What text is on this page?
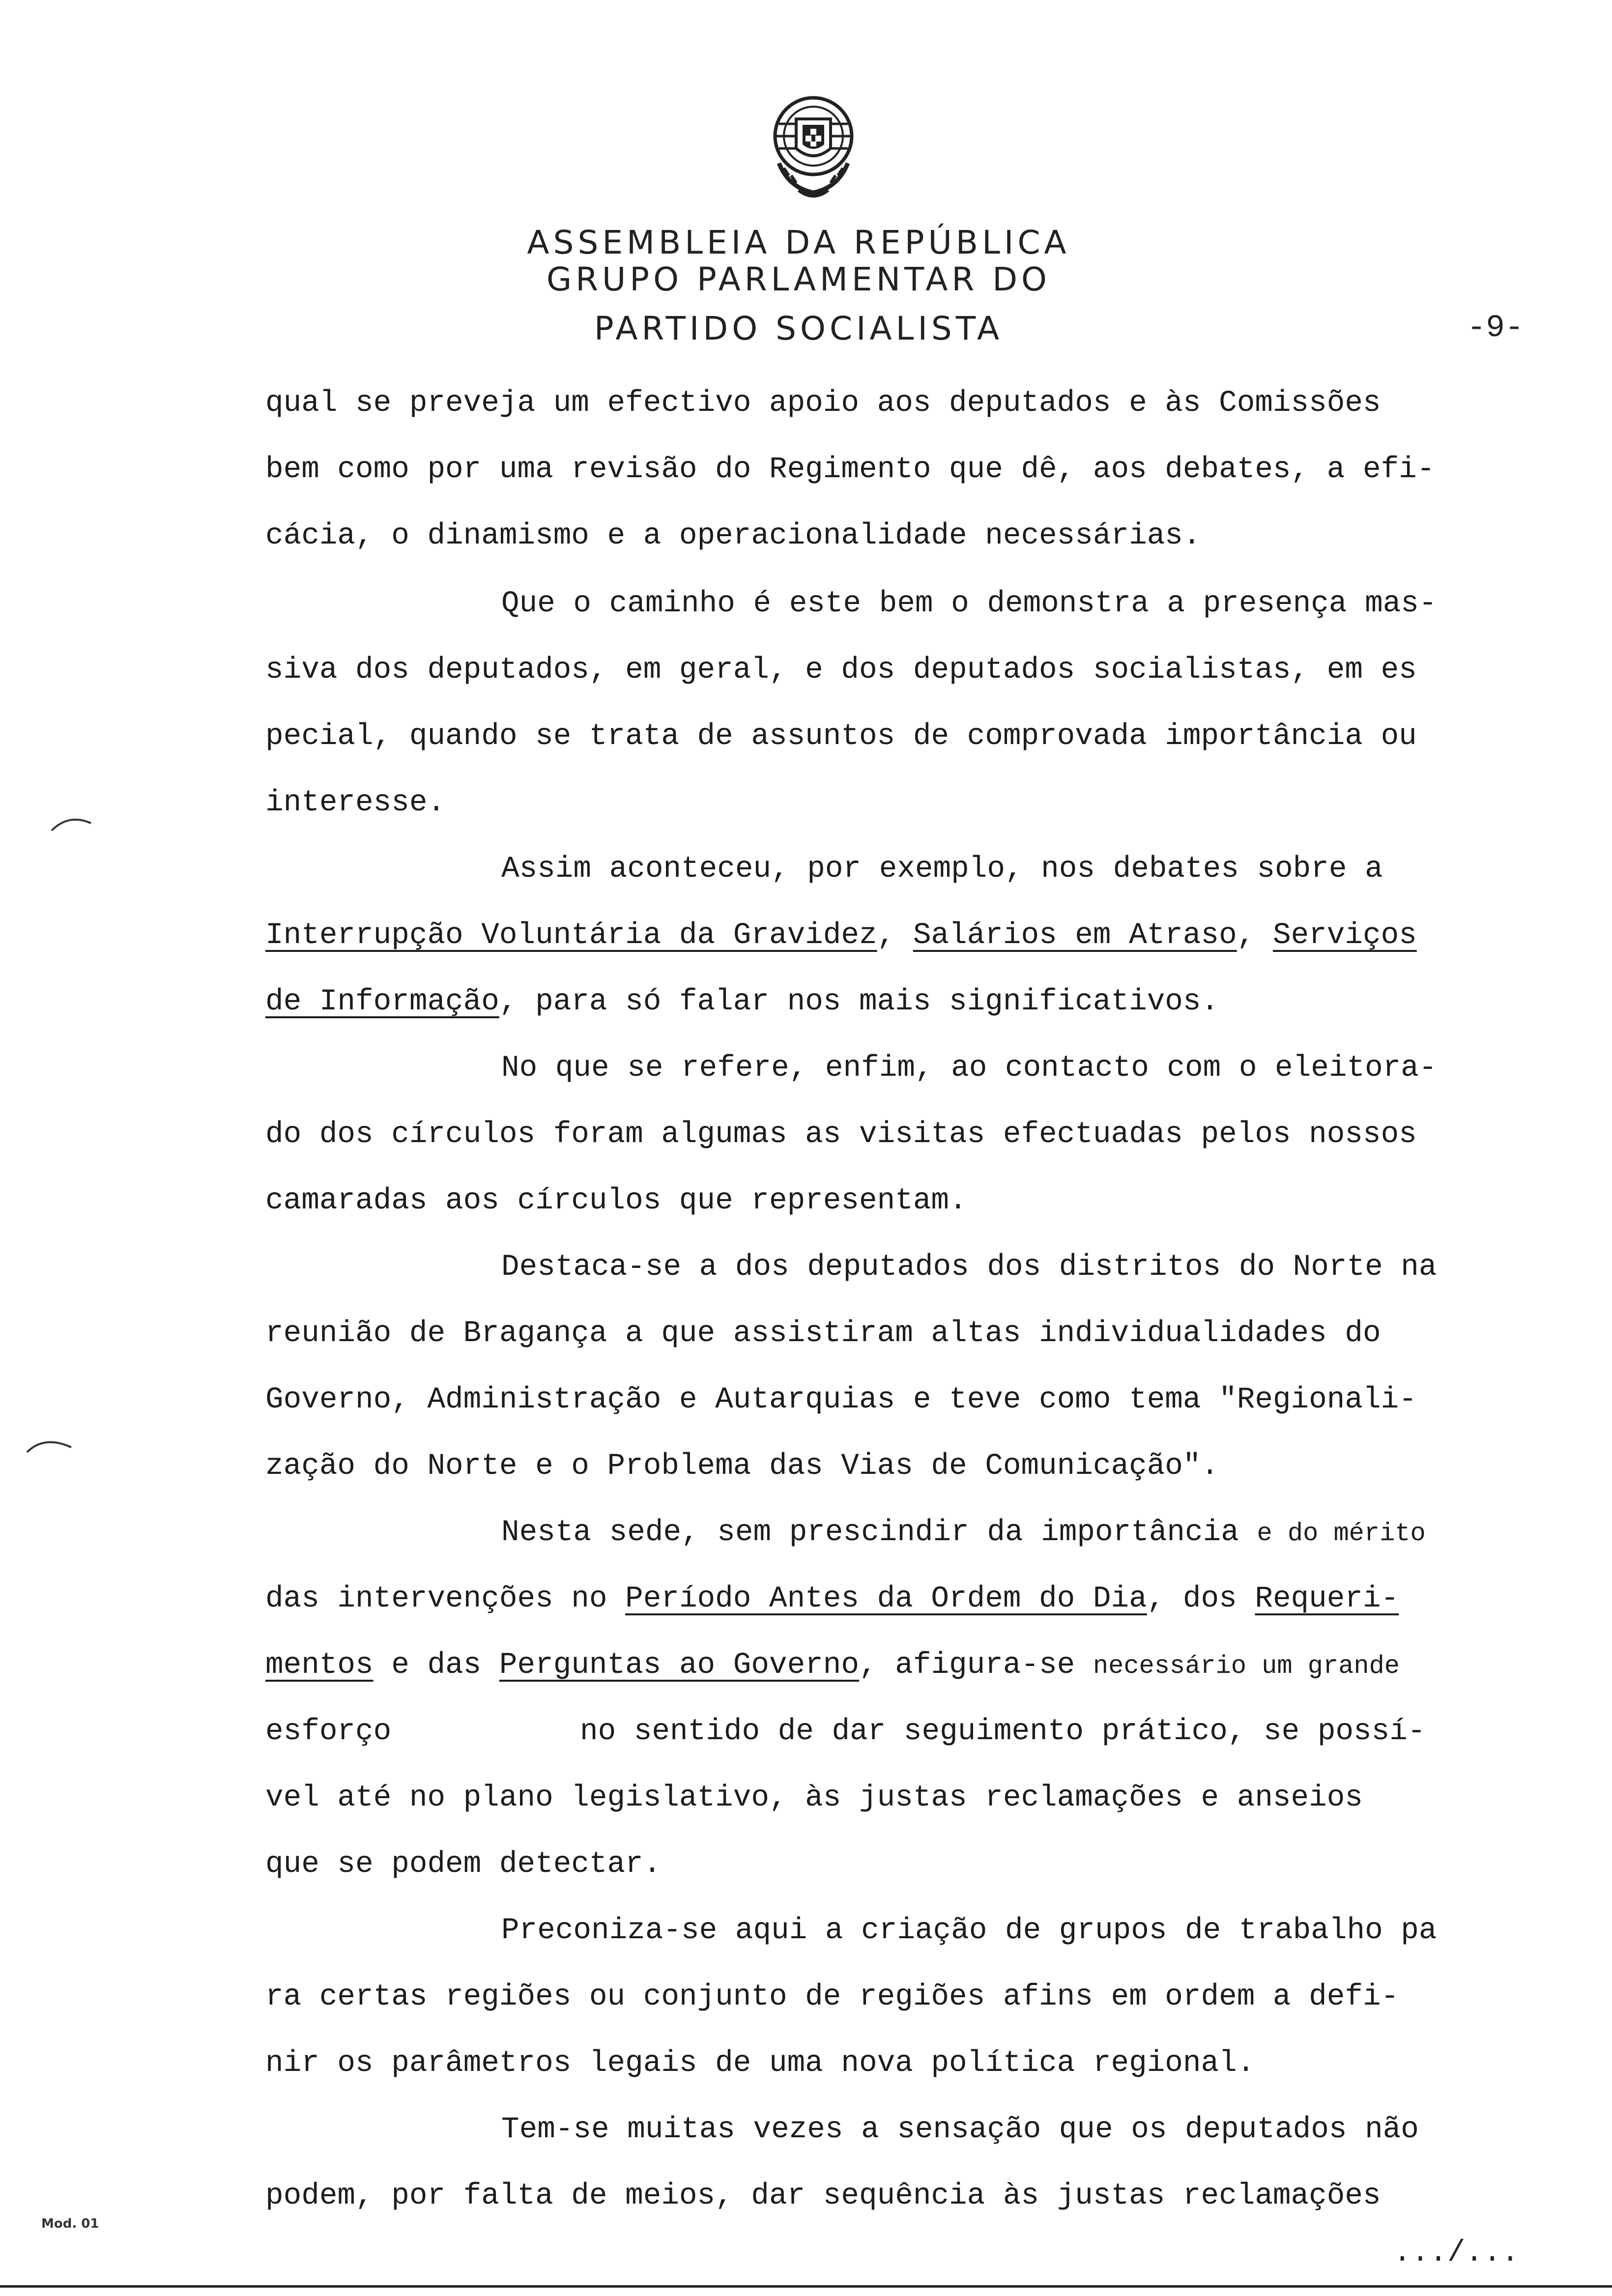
ASSEMBLEIA DA REPÚBLICA
GRUPO PARLAMENTAR DO
PARTIDO SOCIALISTA	-9-
qual se preveja um efectivo apoio aos deputados e às Comissões
bem como por uma revisão do Regimento que dê, aos debates, a efi-
cácia, o dinamismo e a operacionalidade necessárias.
Que o caminho é este bem o demonstra a presença mas-
siva dos deputados, em geral, e dos deputados socialistas, em es
pecial, quando se trata de assuntos de comprovada importância ou
interesse.
Assim aconteceu, por exemplo, nos debates sobre a
Interrupção Voluntária da Gravidez, Salários em Atraso, Serviços
de Informação, para só falar nos mais significativos.
No que se refere, enfim, ao contacto com o eleitora-
do dos círculos foram algumas as visitas efectuadas pelos nossos
camaradas aos círculos que representam.
Destaca-se a dos deputados dos distritos do Norte na
reunião de Bragança a que assistiram altas individualidades do
Governo, Administração e Autarquias e teve como tema "Regionali-
zação do Norte e o Problema das Vias de Comunicação".
Nesta sede, sem prescindir da importância e do mérito
das intervenções no Período Antes da Ordem do Dia, dos Requeri-
mentos e das Perguntas ao Governo, afigura-se necessário um grande
esforço	no sentido de dar seguimento prático, se possí-
vel até no plano legislativo, às justas reclamações e anseios
que se podem detectar.
Preconiza-se aqui a criação de grupos de trabalho pa
ra certas regiões ou conjunto de regiões afins em ordem a defi-
nir os parâmetros legais de uma nova política regional.
Tem-se muitas vezes a sensação que os deputados não
podem, por falta de meios, dar sequência às justas reclamações
Mod. 01
.../...
